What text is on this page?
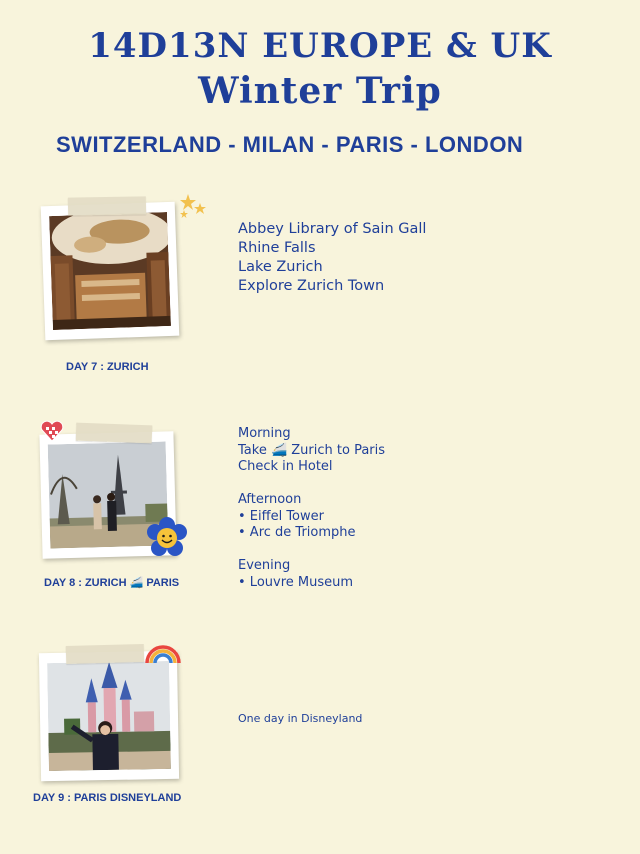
14D13N EUROPE & UK
Winter Trip
SWITZERLAND - MILAN - PARIS - LONDON
DAY 7 : ZURICH
Abbey Library of Sain Gall
Rhine Falls
Lake Zurich
Explore Zurich Town
DAY 8 : ZURICH 🚄 PARIS
Morning
Take 🚄 Zurich to Paris
Check in Hotel
Afternoon
• Eiffel Tower
• Arc de Triomphe
Evening
• Louvre Museum
DAY 9 : PARIS DISNEYLAND
One day in Disneyland
